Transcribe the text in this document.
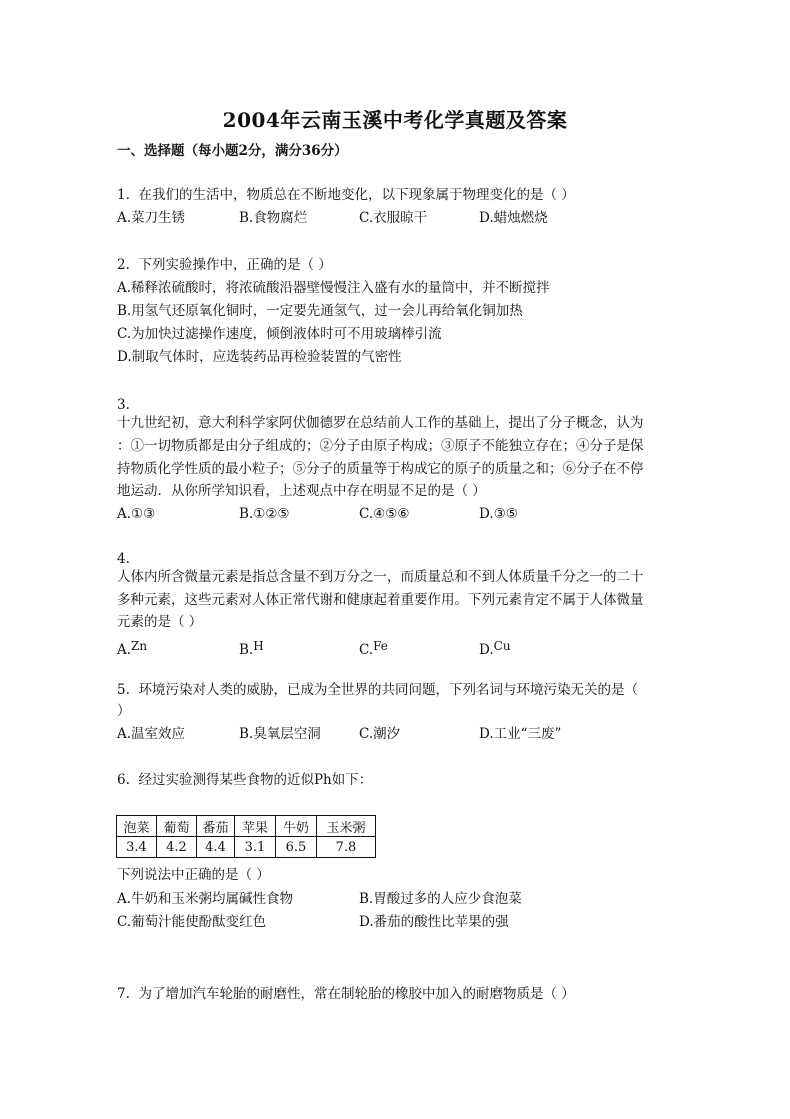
2004年云南玉溪中考化学真题及答案
一、选择题（每小题2分，满分36分）
1.  在我们的生活中，物质总在不断地变化，以下现象属于物理变化的是（ ）
A.菜刀生锈	B.食物腐烂	C.衣服晾干	D.蜡烛燃烧
2.  下列实验操作中，正确的是（ ）
A.稀释浓硫酸时，将浓硫酸沿器壁慢慢注入盛有水的量筒中，并不断搅拌
B.用氢气还原氧化铜时，一定要先通氢气，过一会儿再给氧化铜加热
C.为加快过滤操作速度，倾倒液体时可不用玻璃棒引流
D.制取气体时，应选装药品再检验装置的气密性
3.
十九世纪初，意大利科学家阿伏伽德罗在总结前人工作的基础上，提出了分子概念，认为
：①一切物质都是由分子组成的；②分子由原子构成；③原子不能独立存在；④分子是保
持物质化学性质的最小粒子；⑤分子的质量等于构成它的原子的质量之和；⑥分子在不停
地运动．从你所学知识看，上述观点中存在明显不足的是（ ）
A.①③	B.①②⑤	C.④⑤⑥	D.③⑤
4.
人体内所含微量元素是指总含量不到万分之一，而质量总和不到人体质量千分之一的二十
多种元素，这些元素对人体正常代谢和健康起着重要作用。下列元素肯定不属于人体微量
元素的是（ ）
A.Zn	B.H	C.Fe	D.Cu
5.  环境污染对人类的威胁，已成为全世界的共同问题，下列名词与环境污染无关的是（
）
A.温室效应	B.臭氧层空洞	C.潮汐	D.工业“三废”
6.  经过实验测得某些食物的近似Ph如下：
泡菜	葡萄	番茄	苹果	牛奶	玉米粥
3.4	4.2	4.4	3.1	6.5	7.8
下列说法中正确的是（ ）
A.牛奶和玉米粥均属碱性食物	B.胃酸过多的人应少食泡菜
C.葡萄汁能使酚酞变红色	D.番茄的酸性比苹果的强
7.  为了增加汽车轮胎的耐磨性，常在制轮胎的橡胶中加入的耐磨物质是（ ）
